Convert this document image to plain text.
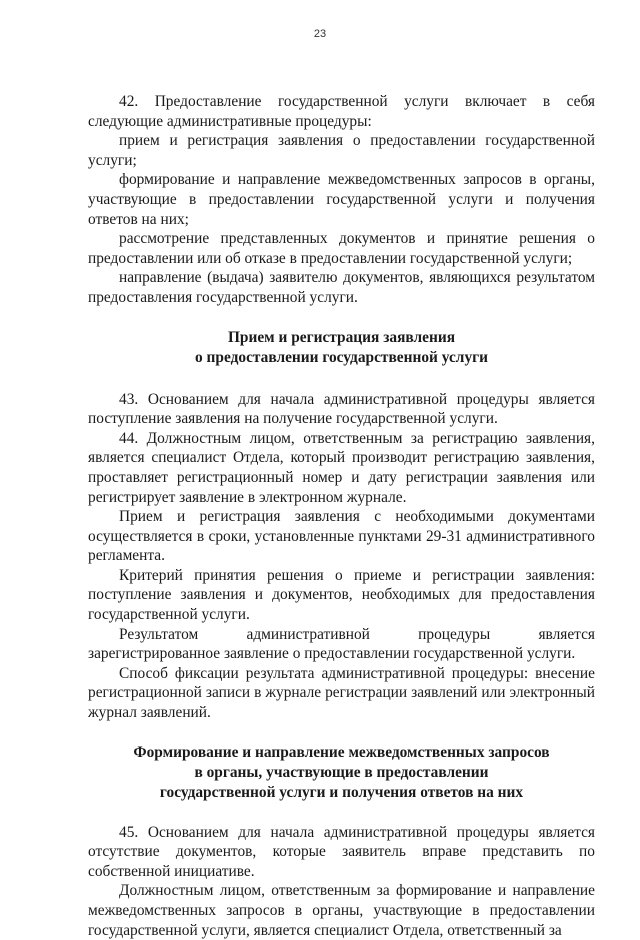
23

42. Предоставление государственной услуги включает в себя следующие административные процедуры:

прием и регистрация заявления о предоставлении государственной услуги;

формирование и направление межведомственных запросов в органы, участвующие в предоставлении государственной услуги и получения ответов на них;

рассмотрение представленных документов и принятие решения о предоставлении или об отказе в предоставлении государственной услуги;

направление (выдача) заявителю документов, являющихся результатом предоставления государственной услуги.

Прием и регистрация заявления

о предоставлении государственной услуги

43. Основанием для начала административной процедуры является поступление заявления на получение государственной услуги.

44. Должностным лицом, ответственным за регистрацию заявления, является специалист Отдела, который производит регистрацию заявления, проставляет регистрационный номер и дату регистрации заявления или регистрирует заявление в электронном журнале.

Прием и регистрация заявления с необходимыми документами осуществляется в сроки, установленные пунктами 29-31 административного регламента.

Критерий принятия решения о приеме и регистрации заявления: поступление заявления и документов, необходимых для предоставления государственной услуги.

Результатом административной процедуры является зарегистрированное заявление о предоставлении государственной услуги.

Способ фиксации результата административной процедуры: внесение регистрационной записи в журнале регистрации заявлений или электронный журнал заявлений.

Формирование и направление межведомственных запросов

в органы, участвующие в предоставлении

государственной услуги и получения ответов на них

45. Основанием для начала административной процедуры является отсутствие документов, которые заявитель вправе представить по собственной инициативе.

Должностным лицом, ответственным за формирование и направление межведомственных запросов в органы, участвующие в предоставлении государственной услуги, является специалист Отдела, ответственный за
